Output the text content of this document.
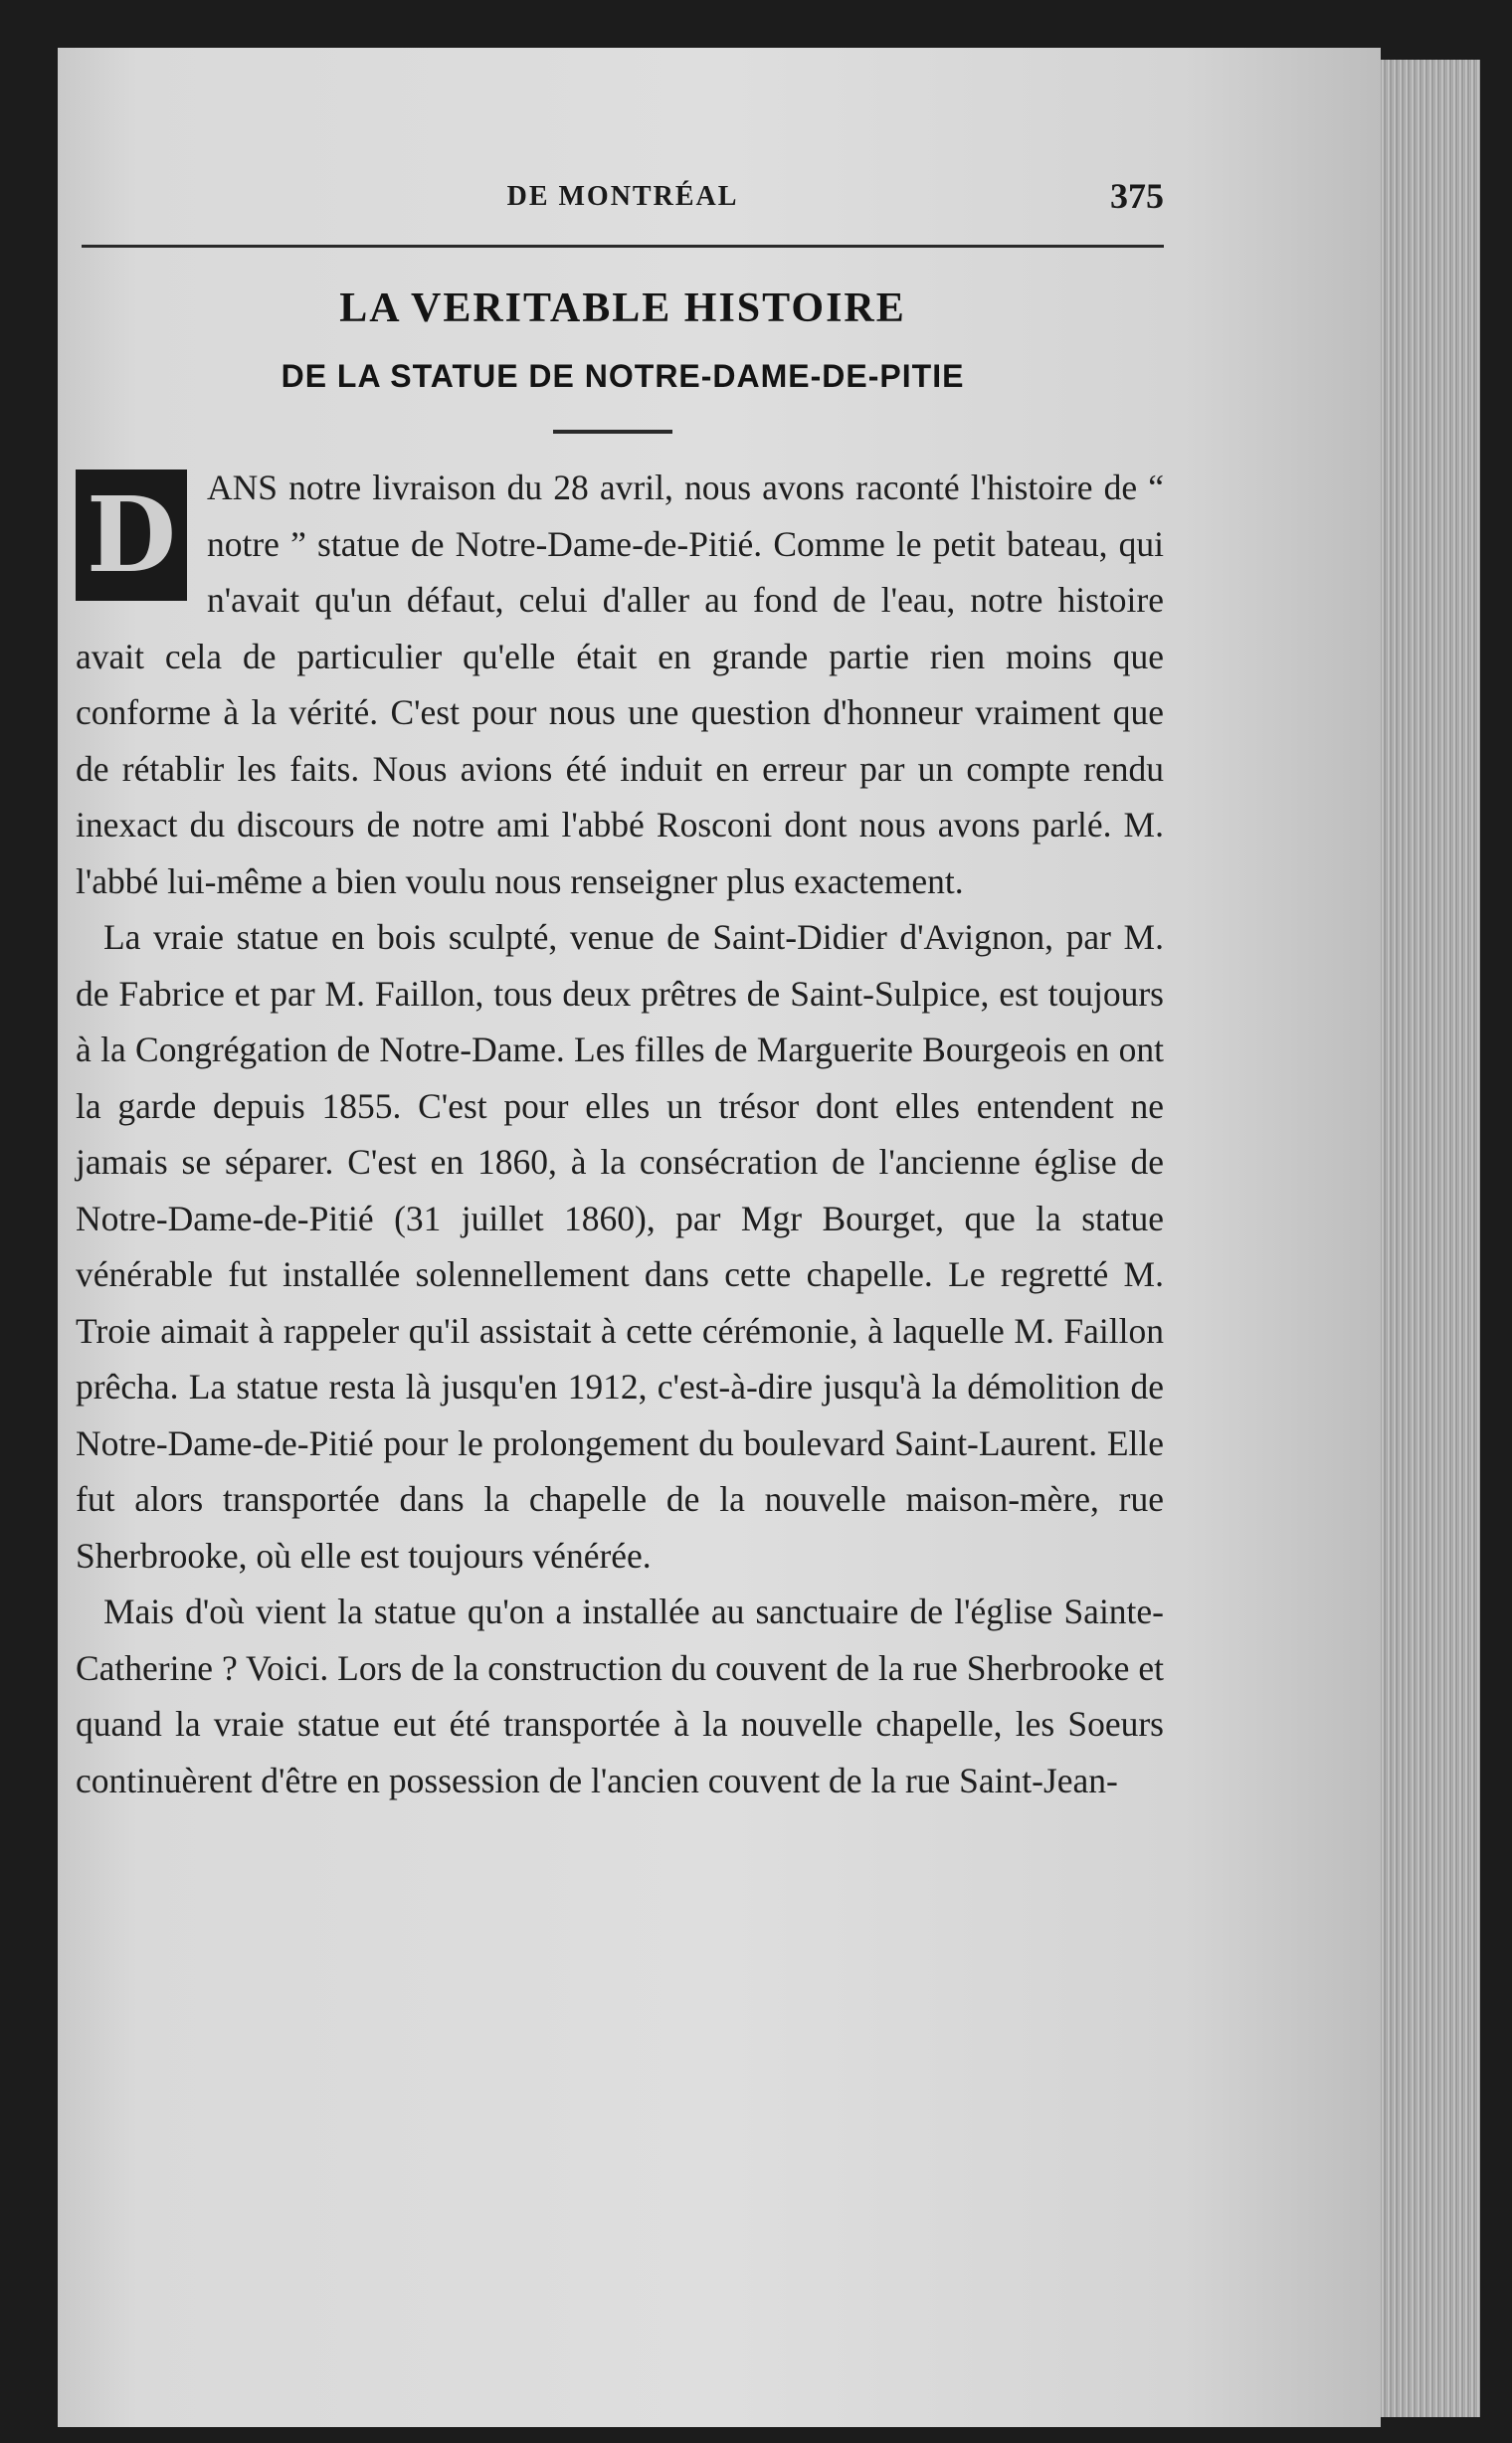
DE MONTRÉAL	375
LA VERITABLE HISTOIRE
DE LA STATUE DE NOTRE-DAME-DE-PITIE

D ANS notre livraison du 28 avril, nous avons raconté l'histoire de “ notre ” statue de Notre-Dame-de-Pitié. Comme le petit bateau, qui n'avait qu'un défaut, celui d'aller au fond de l'eau, notre histoire avait cela de particulier qu'elle était en grande partie rien moins que conforme à la vérité. C'est pour nous une question d'honneur vraiment que de rétablir les faits. Nous avions été induit en erreur par un compte rendu inexact du discours de notre ami l'abbé Rosconi dont nous avons parlé. M. l'abbé lui-même a bien voulu nous renseigner plus exactement.

La vraie statue en bois sculpté, venue de Saint-Didier d'Avignon, par M. de Fabrice et par M. Faillon, tous deux prêtres de Saint-Sulpice, est toujours à la Congrégation de Notre-Dame. Les filles de Marguerite Bourgeois en ont la garde depuis 1855. C'est pour elles un trésor dont elles entendent ne jamais se séparer. C'est en 1860, à la consécration de l'ancienne église de Notre-Dame-de-Pitié (31 juillet 1860), par Mgr Bourget, que la statue vénérable fut installée solennellement dans cette chapelle. Le regretté M. Troie aimait à rappeler qu'il assistait à cette cérémonie, à laquelle M. Faillon prêcha. La statue resta là jusqu'en 1912, c'est-à-dire jusqu'à la démolition de Notre-Dame-de-Pitié pour le prolongement du boulevard Saint-Laurent. Elle fut alors transportée dans la chapelle de la nouvelle maison-mère, rue Sherbrooke, où elle est toujours vénérée.

Mais d'où vient la statue qu'on a installée au sanctuaire de l'église Sainte-Catherine ? Voici. Lors de la construction du couvent de la rue Sherbrooke et quand la vraie statue eut été transportée à la nouvelle chapelle, les Soeurs continuèrent d'être en possession de l'ancien couvent de la rue Saint-Jean-
